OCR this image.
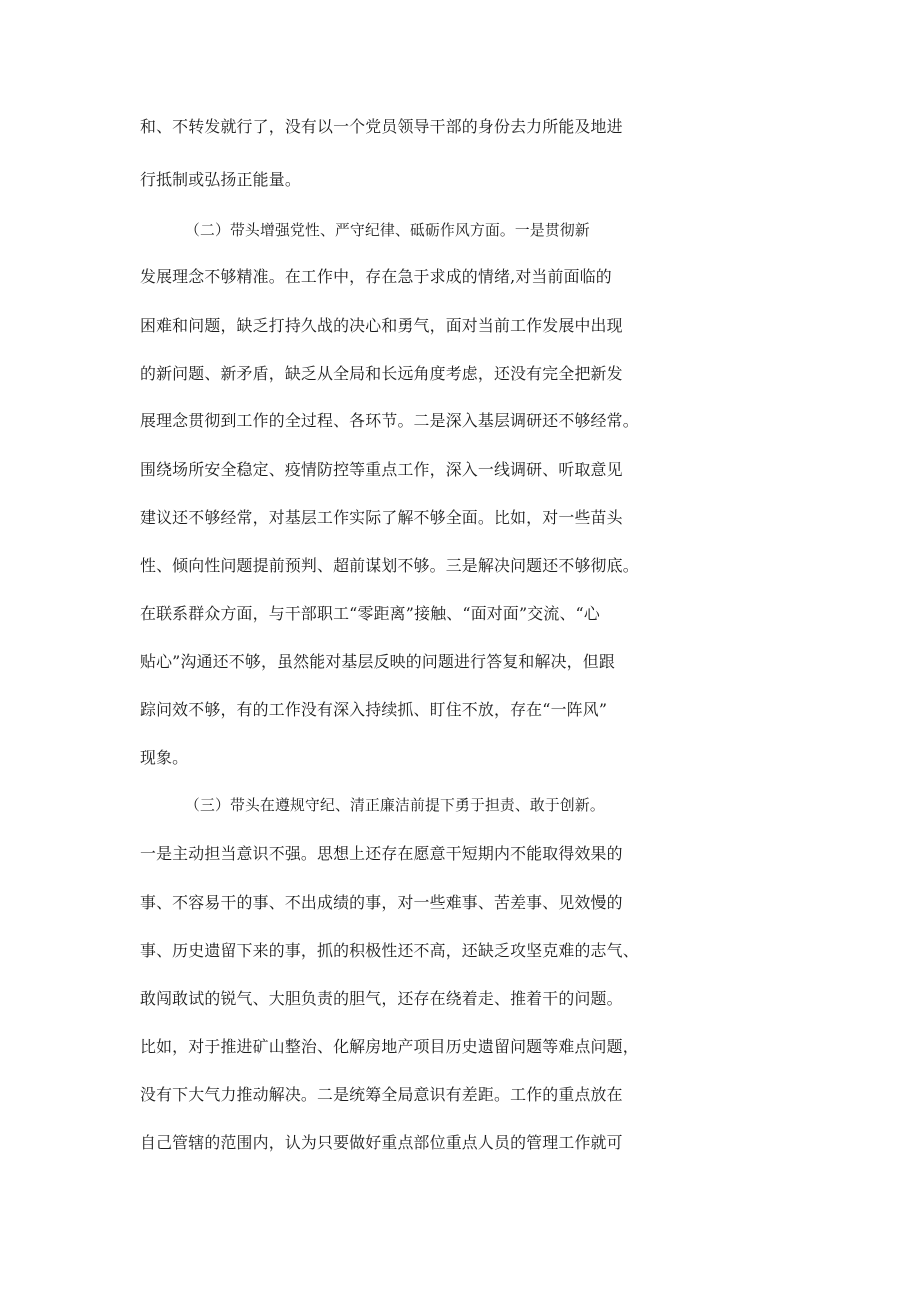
和、不转发就行了，没有以一个党员领导干部的身份去力所能及地进
行抵制或弘扬正能量。
（二）带头增强党性、严守纪律、砥砺作风方面。一是贯彻新
发展理念不够精准。在工作中，存在急于求成的情绪,对当前面临的
困难和问题，缺乏打持久战的决心和勇气，面对当前工作发展中出现
的新问题、新矛盾，缺乏从全局和长远角度考虑，还没有完全把新发
展理念贯彻到工作的全过程、各环节。二是深入基层调研还不够经常。
围绕场所安全稳定、疫情防控等重点工作，深入一线调研、听取意见
建议还不够经常，对基层工作实际了解不够全面。比如，对一些苗头
性、倾向性问题提前预判、超前谋划不够。三是解决问题还不够彻底。
在联系群众方面，与干部职工“零距离”接触、“面对面”交流、“心
贴心”沟通还不够，虽然能对基层反映的问题进行答复和解决，但跟
踪问效不够，有的工作没有深入持续抓、盯住不放，存在“一阵风”
现象。
（三）带头在遵规守纪、清正廉洁前提下勇于担责、敢于创新。
一是主动担当意识不强。思想上还存在愿意干短期内不能取得效果的
事、不容易干的事、不出成绩的事，对一些难事、苦差事、见效慢的
事、历史遗留下来的事，抓的积极性还不高，还缺乏攻坚克难的志气、
敢闯敢试的锐气、大胆负责的胆气，还存在绕着走、推着干的问题。
比如，对于推进矿山整治、化解房地产项目历史遗留问题等难点问题，
没有下大气力推动解决。二是统筹全局意识有差距。工作的重点放在
自己管辖的范围内，认为只要做好重点部位重点人员的管理工作就可
